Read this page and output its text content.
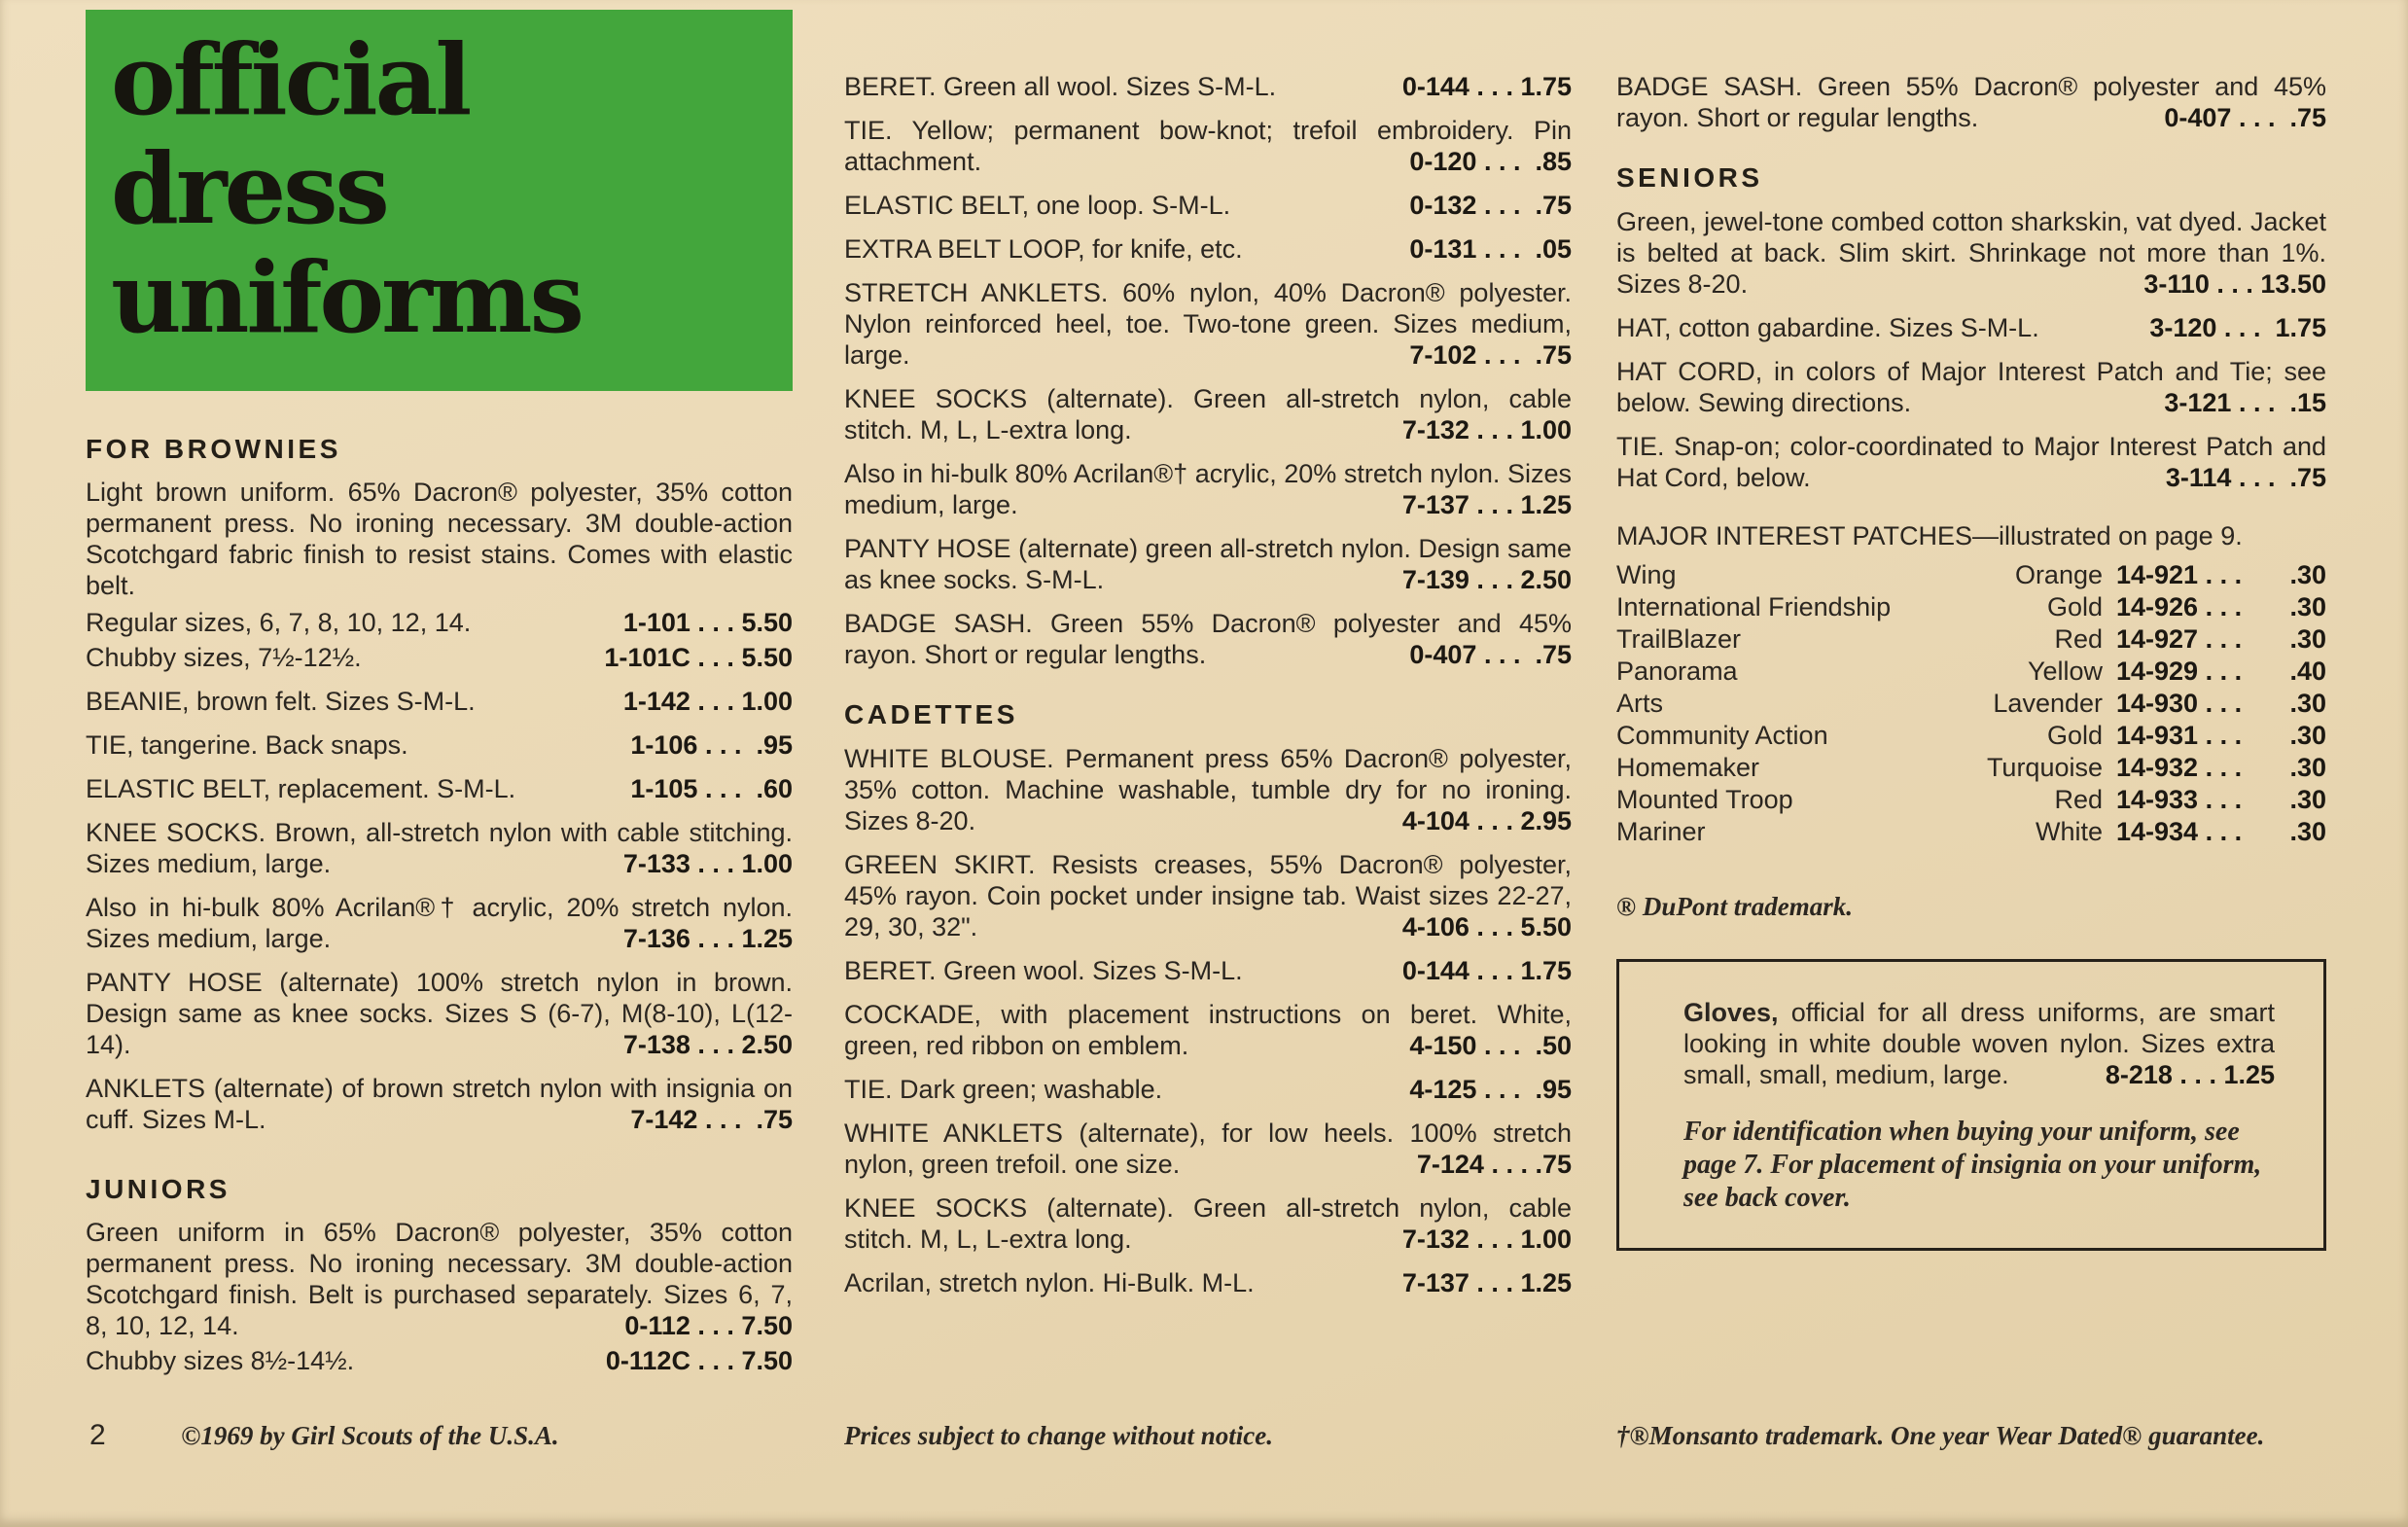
official
dress
uniforms
FOR BROWNIES

Light brown uniform. 65% Dacron® polyester, 35% cotton permanent press. No ironing necessary. 3M double-action Scotchgard fabric finish to resist stains. Comes with elastic belt.

Regular sizes, 6, 7, 8, 10, 12, 14.	1-101 . . . 5.50
Chubby sizes, 7½-12½.	1-101C . . . 5.50
BEANIE, brown felt. Sizes S-M-L.	1-142 . . . 1.00
TIE, tangerine. Back snaps.	1-106 . . .  .95
ELASTIC BELT, replacement. S-M-L.	1-105 . . .  .60
KNEE SOCKS. Brown, all-stretch nylon with cable stitching. Sizes medium, large.	7-133 . . . 1.00
Also in hi-bulk 80% Acrilan®† acrylic, 20% stretch nylon. Sizes medium, large.	7-136 . . . 1.25
PANTY HOSE (alternate) 100% stretch nylon in brown. Design same as knee socks. Sizes S (6-7), M(8-10), L(12-14).	7-138 . . . 2.50
ANKLETS (alternate) of brown stretch nylon with insignia on cuff. Sizes M-L.	7-142 . . .  .75
JUNIORS
Green uniform in 65% Dacron® polyester, 35% cotton permanent press. No ironing necessary. 3M double-action Scotchgard finish. Belt is purchased separately. Sizes 6, 7, 8, 10, 12, 14.	0-112 . . . 7.50
Chubby sizes 8½-14½.	0-112C . . . 7.50
BERET. Green all wool. Sizes S-M-L.	0-144 . . . 1.75
TIE. Yellow; permanent bow-knot; trefoil embroidery. Pin attachment.	0-120 . . .  .85
ELASTIC BELT, one loop. S-M-L.	0-132 . . .  .75
EXTRA BELT LOOP, for knife, etc.	0-131 . . .  .05
STRETCH ANKLETS. 60% nylon, 40% Dacron® polyester. Nylon reinforced heel, toe. Two-tone green. Sizes medium, large.	7-102 . . .  .75
KNEE SOCKS (alternate). Green all-stretch nylon, cable stitch. M, L, L-extra long.	7-132 . . . 1.00
Also in hi-bulk 80% Acrilan®† acrylic, 20% stretch nylon. Sizes medium, large.	7-137 . . . 1.25
PANTY HOSE (alternate) green all-stretch nylon. Design same as knee socks. S-M-L.	7-139 . . . 2.50
BADGE SASH. Green 55% Dacron® polyester and 45% rayon. Short or regular lengths.	0-407 . . .  .75
CADETTES
WHITE BLOUSE. Permanent press 65% Dacron® polyester, 35% cotton. Machine washable, tumble dry for no ironing. Sizes 8-20.	4-104 . . . 2.95
GREEN SKIRT. Resists creases, 55% Dacron® polyester, 45% rayon. Coin pocket under insigne tab. Waist sizes 22-27, 29, 30, 32".	4-106 . . . 5.50
BERET. Green wool. Sizes S-M-L.	0-144 . . . 1.75
COCKADE, with placement instructions on beret. White, green, red ribbon on emblem.	4-150 . . .  .50
TIE. Dark green; washable.	4-125 . . .  .95
WHITE ANKLETS (alternate), for low heels. 100% stretch nylon, green trefoil. one size.	7-124 . . . .75
KNEE SOCKS (alternate). Green all-stretch nylon, cable stitch. M, L, L-extra long.	7-132 . . . 1.00
Acrilan, stretch nylon. Hi-Bulk. M-L.	7-137 . . . 1.25
BADGE SASH. Green 55% Dacron® polyester and 45% rayon. Short or regular lengths.	0-407 . . .  .75
SENIORS
Green, jewel-tone combed cotton sharkskin, vat dyed. Jacket is belted at back. Slim skirt. Shrinkage not more than 1%. Sizes 8-20.	3-110 . . . 13.50
HAT, cotton gabardine. Sizes S-M-L.	3-120 . . .  1.75
HAT CORD, in colors of Major Interest Patch and Tie; see below. Sewing directions.	3-121 . . .  .15
TIE. Snap-on; color-coordinated to Major Interest Patch and Hat Cord, below.	3-114 . . .  .75

MAJOR INTEREST PATCHES—illustrated on page 9.

Wing	Orange 14-921 . . .	.30
International Friendship	Gold 14-926 . . .	.30
TrailBlazer	Red 14-927 . . .	.30
Panorama	Yellow 14-929 . . .	.40
Arts	Lavender 14-930 . . .	.30
Community Action	Gold 14-931 . . .	.30
Homemaker	Turquoise 14-932 . . .	.30
Mounted Troop	Red 14-933 . . .	.30
Mariner	White 14-934 . . .	.30

® DuPont trademark.

Gloves, official for all dress uniforms, are smart looking in white double woven nylon. Sizes extra small, small, medium, large.	8-218 . . . 1.25

For identification when buying your uniform, see page 7. For placement of insignia on your uniform, see back cover.

2	©1969 by Girl Scouts of the U.S.A.	Prices subject to change without notice.	†®Monsanto trademark. One year Wear Dated® guarantee.
